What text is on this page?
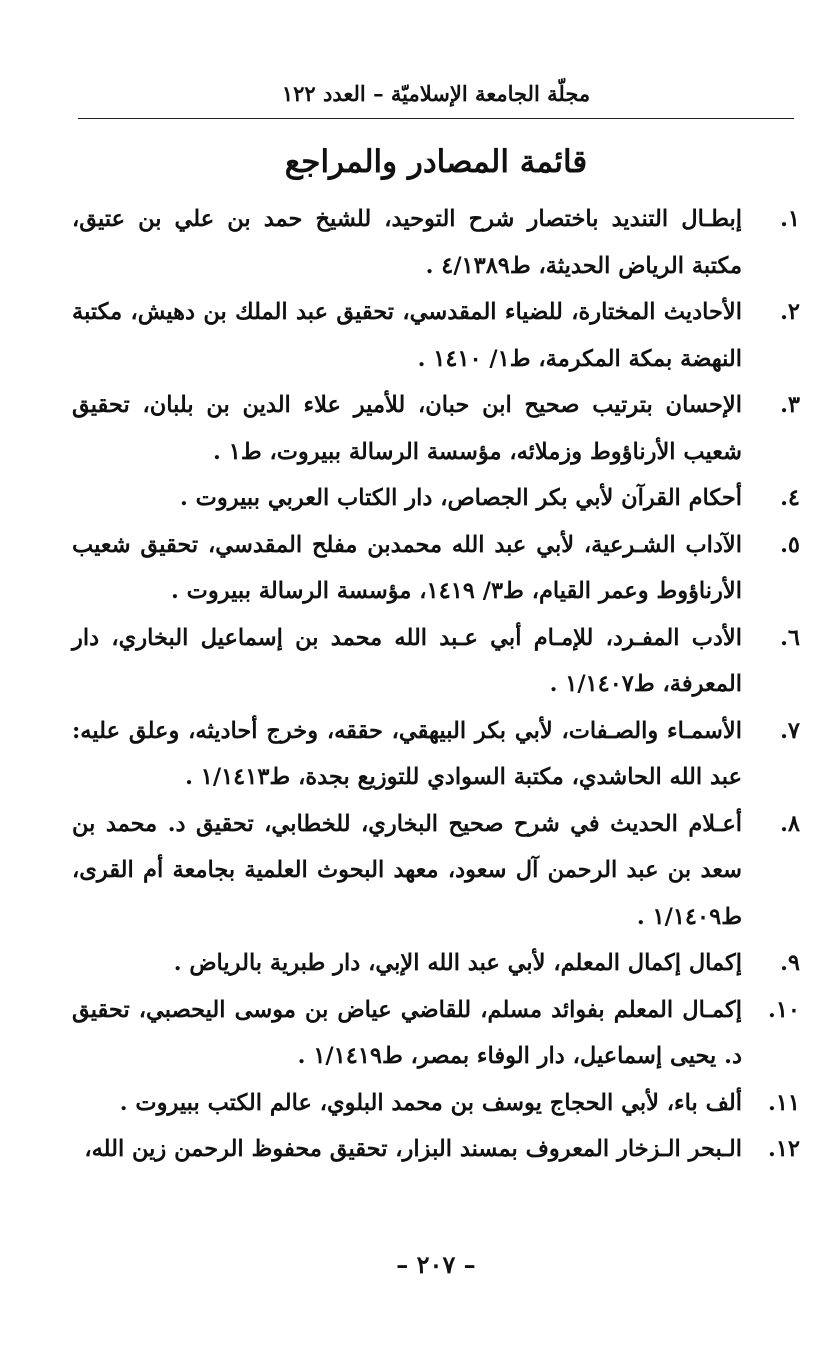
مجلّة الجامعة الإسلاميّة – العدد ١٢٢
قائمة المصادر والمراجع
١.
إبطـال التنديد باختصار شرح التوحيد، للشيخ حمد بن علي بن عتيق، مكتبة الرياض الحديثة، ط٤/١٣٨٩ .
٢.
الأحاديث المختارة، للضياء المقدسي، تحقيق عبد الملك بن دهيش، مكتبة النهضة بمكة المكرمة، ط١/ ١٤١٠ .
٣.
الإحسان بترتيب صحيح ابن حبان، للأمير علاء الدين بن بلبان، تحقيق شعيب الأرناؤوط وزملائه، مؤسسة الرسالة ببيروت، ط١ .
٤.
أحكام القرآن لأبي بكر الجصاص، دار الكتاب العربي ببيروت .
٥.
الآداب الشـرعية، لأبي عبد الله محمدبن مفلح المقدسي، تحقيق شعيب الأرناؤوط وعمر القيام، ط٣/ ١٤١٩، مؤسسة الرسالة ببيروت .
٦.
الأدب المفـرد، للإمـام أبي عـبد الله محمد بن إسماعيل البخاري، دار المعرفة، ط١/١٤٠٧ .
٧.
الأسمـاء والصـفات، لأبي بكر البيهقي، حققه، وخرج أحاديثه، وعلق عليه: عبد الله الحاشدي، مكتبة السوادي للتوزيع بجدة، ط١/١٤١٣ .
٨.
أعـلام الحديث في شرح صحيح البخاري، للخطابي، تحقيق د. محمد بن سعد بن عبد الرحمن آل سعود، معهد البحوث العلمية بجامعة أم القرى، ط١/١٤٠٩ .
٩.
إكمال إكمال المعلم، لأبي عبد الله الإبي، دار طبرية بالرياض .
١٠.
إكمـال المعلم بفوائد مسلم، للقاضي عياض بن موسى اليحصبي، تحقيق د. يحيى إسماعيل، دار الوفاء بمصر، ط١/١٤١٩ .
١١.
ألف باء، لأبي الحجاج يوسف بن محمد البلوي، عالم الكتب ببيروت .
١٢.
الـبحر الـزخار المعروف بمسند البزار، تحقيق محفوظ الرحمن زين الله،
– ٢٠٧ –
